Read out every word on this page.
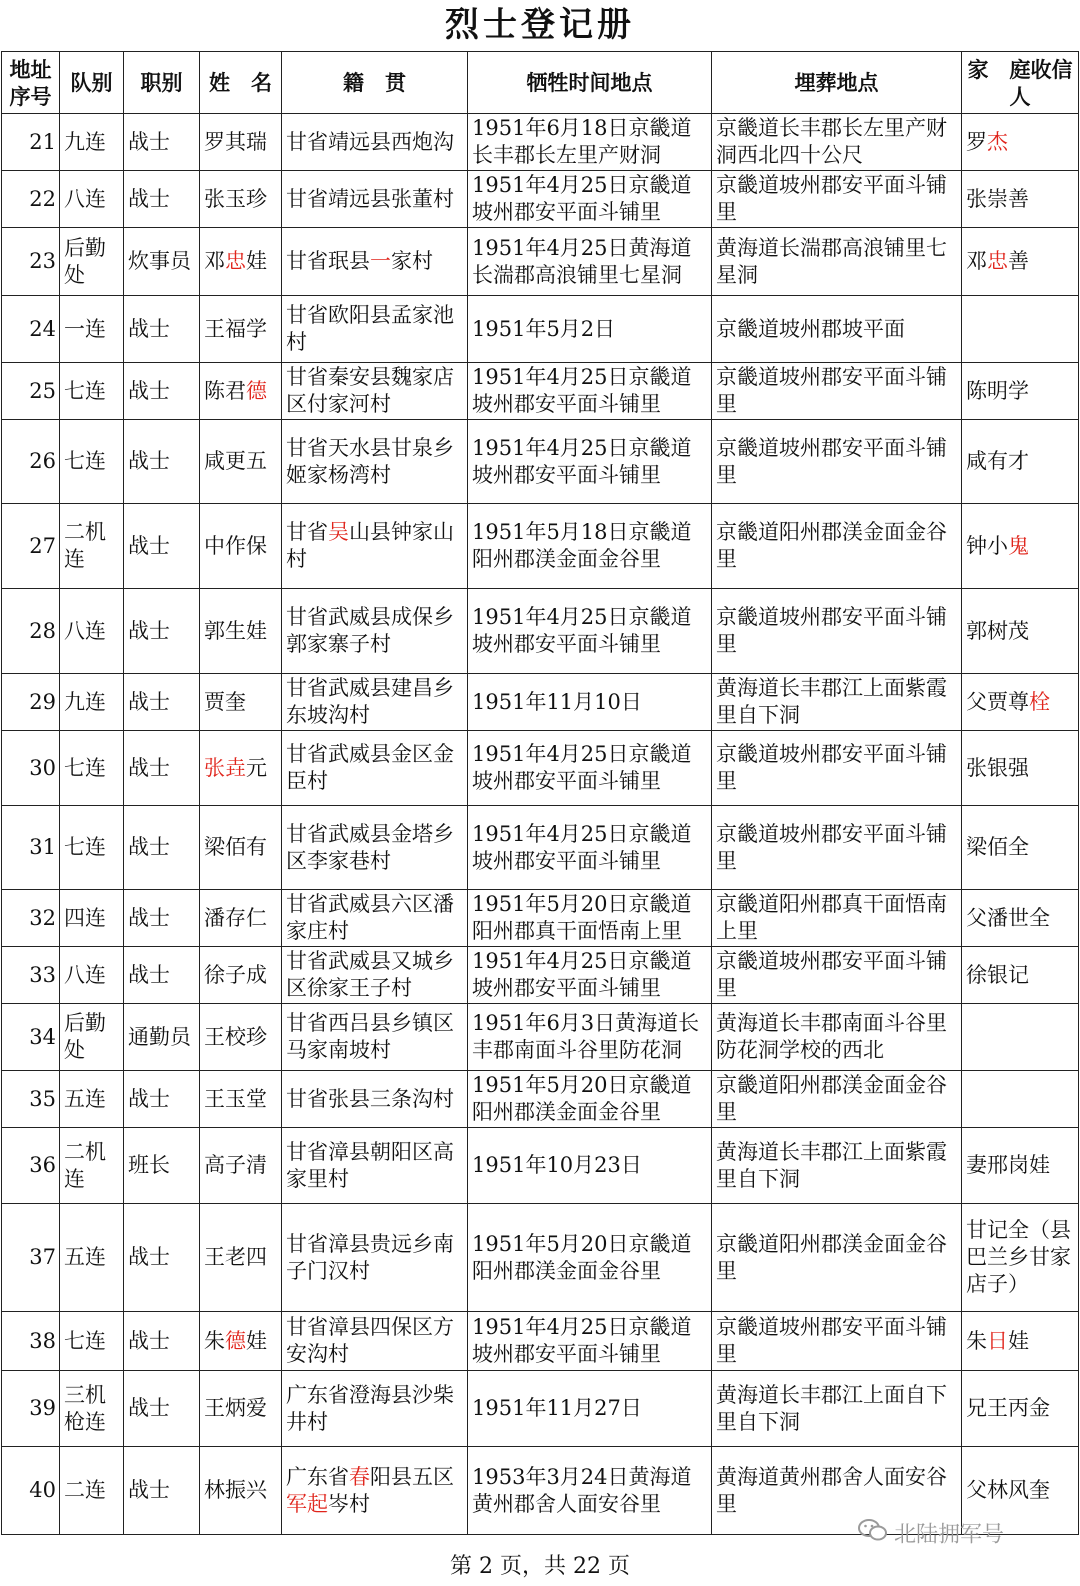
烈士登记册
地址序号	队别	职别	姓　名	籍　贯	牺牲时间地点	埋葬地点	家　庭收信人
21	九连	战士	罗其瑞	甘省靖远县西炮沟	1951年6月18日京畿道长丰郡长左里产财洞	京畿道长丰郡长左里产财洞西北四十公尺	罗杰
22	八连	战士	张玉珍	甘省靖远县张董村	1951年4月25日京畿道坡州郡安平面斗铺里	京畿道坡州郡安平面斗铺里	张崇善
23	后勤处	炊事员	邓忠娃	甘省珉县一家村	1951年4月25日黄海道长湍郡高浪铺里七星洞	黄海道长湍郡高浪铺里七星洞	邓忠善
24	一连	战士	王福学	甘省欧阳县孟家池村	1951年5月2日	京畿道坡州郡坡平面	
25	七连	战士	陈君德	甘省秦安县魏家店区付家河村	1951年4月25日京畿道坡州郡安平面斗铺里	京畿道坡州郡安平面斗铺里	陈明学
26	七连	战士	咸更五	甘省天水县甘泉乡姬家杨湾村	1951年4月25日京畿道坡州郡安平面斗铺里	京畿道坡州郡安平面斗铺里	咸有才
27	二机连	战士	中作保	甘省吴山县钟家山村	1951年5月18日京畿道阳州郡渼金面金谷里	京畿道阳州郡渼金面金谷里	钟小鬼
28	八连	战士	郭生娃	甘省武威县成保乡郭家寨子村	1951年4月25日京畿道坡州郡安平面斗铺里	京畿道坡州郡安平面斗铺里	郭树茂
29	九连	战士	贾奎	甘省武威县建昌乡东坡沟村	1951年11月10日	黄海道长丰郡江上面紫霞里自下洞	父贾尊栓
30	七连	战士	张垚元	甘省武威县金区金臣村	1951年4月25日京畿道坡州郡安平面斗铺里	京畿道坡州郡安平面斗铺里	张银强
31	七连	战士	梁佰有	甘省武威县金塔乡区李家巷村	1951年4月25日京畿道坡州郡安平面斗铺里	京畿道坡州郡安平面斗铺里	梁佰全
32	四连	战士	潘存仁	甘省武威县六区潘家庄村	1951年5月20日京畿道阳州郡真干面悟南上里	京畿道阳州郡真干面悟南上里	父潘世全
33	八连	战士	徐子成	甘省武威县又城乡区徐家王子村	1951年4月25日京畿道坡州郡安平面斗铺里	京畿道坡州郡安平面斗铺里	徐银记
34	后勤处	通勤员	王校珍	甘省西吕县乡镇区马家南坡村	1951年6月3日黄海道长丰郡南面斗谷里防花洞	黄海道长丰郡南面斗谷里防花洞学校的西北	
35	五连	战士	王玉堂	甘省张县三条沟村	1951年5月20日京畿道阳州郡渼金面金谷里	京畿道阳州郡渼金面金谷里	
36	二机连	班长	高子清	甘省漳县朝阳区高家里村	1951年10月23日	黄海道长丰郡江上面紫霞里自下洞	妻邢岗娃
37	五连	战士	王老四	甘省漳县贵远乡南子门汉村	1951年5月20日京畿道阳州郡渼金面金谷里	京畿道阳州郡渼金面金谷里	甘记全（县巴兰乡甘家店子）
38	七连	战士	朱德娃	甘省漳县四保区方安沟村	1951年4月25日京畿道坡州郡安平面斗铺里	京畿道坡州郡安平面斗铺里	朱日娃
39	三机枪连	战士	王炳爱	广东省澄海县沙柴井村	1951年11月27日	黄海道长丰郡江上面自下里自下洞	兄王丙金
40	二连	战士	林振兴	广东省春阳县五区军起岑村	1953年3月24日黄海道黄州郡舍人面安谷里	黄海道黄州郡舍人面安谷里	父林风奎
北陆拥军号
第 2 页，共 22 页
